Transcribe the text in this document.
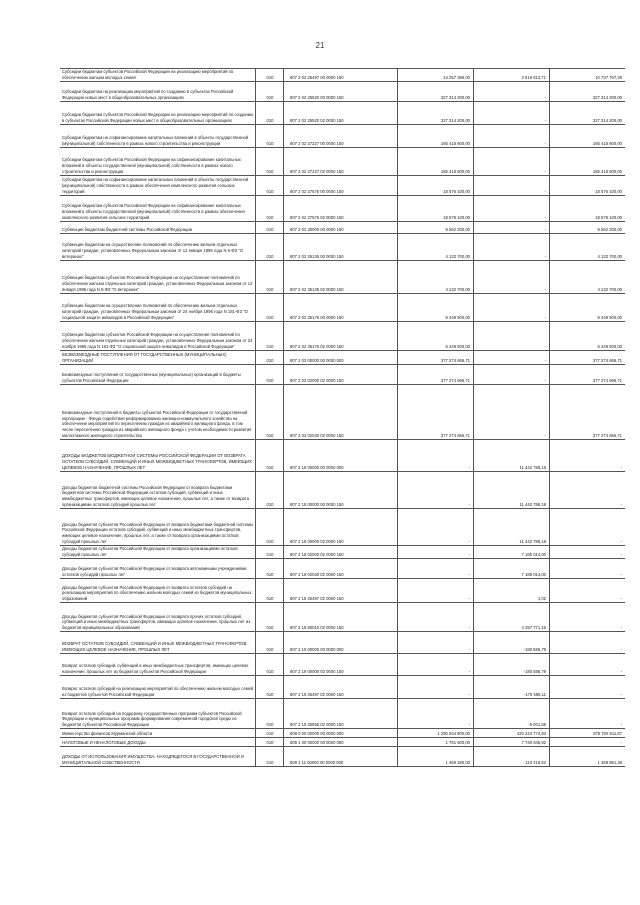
21
Субсидии бюджетам субъектов Российской Федерации на реализацию мероприятий по обеспечению жильем молодых семей	010	807 2 02 25497 00 0000 150	14 257 366,00	3 519 813,71	10 737 767,29
Субсидии бюджетам на реализацию мероприятий по созданию в субъектах Российской Федерации новых мест в общеобразовательных организациях	010	807 2 02 25520 00 0000 150	327 314 200,00	-	327 314 200,00
Субсидии бюджетам субъектов Российской Федерации на реализацию мероприятий по созданию в субъектах Российской Федерации новых мест в общеобразовательных организациях	010	807 2 02 25520 02 0000 150	327 314 200,00	-	327 314 200,00
Субсидии бюджетам на софинансирование капитальных вложений в объекты государственной (муниципальной) собственности в рамках нового строительства и реконструкции	010	807 2 02 27227 00 0000 150	165 415 600,00	-	165 415 600,00
Субсидии бюджетам субъектов Российской Федерации на софинансирование капитальных вложений в объекты государственной (муниципальной) собственности в рамках нового строительства и реконструкции	010	807 2 02 27227 02 0000 150	165 415 600,00	-	165 415 600,00
Субсидии бюджетам на софинансирование капитальных вложений в объекты государственной (муниципальной) собственности в рамках обеспечения комплексного развития сельских территорий	010	807 2 02 27576 00 0000 150	18 576 100,00	-	18 576 100,00
Субсидии бюджетам субъектов Российской Федерации на софинансирование капитальных вложений в объекты государственной (муниципальной) собственности в рамках обеспечения комплексного развития сельских территорий	010	807 2 02 27576 02 0000 150	18 576 100,00	-	18 576 100,00
Субвенции бюджетам бюджетной системы Российской Федерации	010	807 2 02 30000 00 0000 150	9 562 200,00	-	9 562 200,00
Субвенции бюджетам на осуществление полномочий по обеспечению жильем отдельных категорий граждан, установленных Федеральным законом от 12 января 1995 года N 5-ФЗ "О ветеранах"	010	807 2 02 35135 00 0000 150	4 132 700,00	-	4 132 700,00
Субвенции бюджетам субъектов Российской Федерации на осуществление полномочий по обеспечению жильем отдельных категорий граждан, установленных Федеральным законом от 12 января 1995 года N 5-ФЗ "О ветеранах"	010	807 2 02 35135 02 0000 150	4 132 700,00	-	4 132 700,00
Субвенции бюджетам на осуществление полномочий по обеспечению жильем отдельных категорий граждан, установленных Федеральным законом от 24 ноября 1995 года N 181-ФЗ "О социальной защите инвалидов в Российской Федерации"	010	807 2 02 35176 00 0000 150	5 449 500,00	-	5 449 500,00
Субвенции бюджетам субъектов Российской Федерации на осуществление полномочий по обеспечению жильем отдельных категорий граждан, установленных Федеральным законом от 24 ноября 1995 года N 181-ФЗ "О социальной защите инвалидов в Российской Федерации"	010	807 2 02 35176 02 0000 150	5 449 500,00	-	5 449 500,00
БЕЗВОЗМЕЗДНЫЕ ПОСТУПЛЕНИЯ ОТ ГОСУДАРСТВЕННЫХ (МУНИЦИПАЛЬНЫХ) ОРГАНИЗАЦИЙ	010	807 2 03 00000 00 0000 000	377 274 666,71	-	377 274 666,71
Безвозмездные поступления от государственных (муниципальных) организаций в бюджеты субъектов Российской Федерации	010	807 2 03 02000 02 0000 150	377 274 666,71	-	377 274 666,71
Безвозмездные поступления в бюджеты субъектов Российской Федерации от государственной корпорации - Фонда содействия реформированию жилищно-коммунального хозяйства на обеспечение мероприятий по переселению граждан из аварийного жилищного фонда, в том числе переселению граждан из аварийного жилищного фонда с учетом необходимости развития малоэтажного жилищного строительства	010	807 2 03 02040 02 0000 150	377 274 666,71	-	377 274 666,71
ДОХОДЫ БЮДЖЕТОВ БЮДЖЕТНОЙ СИСТЕМЫ РОССИЙСКОЙ ФЕДЕРАЦИИ ОТ ВОЗВРАТА ОСТАТКОВ СУБСИДИЙ, СУБВЕНЦИЙ И ИНЫХ МЕЖБЮДЖЕТНЫХ ТРАНСФЕРТОВ, ИМЕЮЩИХ ЦЕЛЕВОЕ НАЗНАЧЕНИЕ, ПРОШЛЫХ ЛЕТ	010	807 2 18 00000 00 0000 000	-	11 442 786,18	-
Доходы бюджетов бюджетной системы Российской Федерации от возврата бюджетами бюджетной системы Российской Федерации остатков субсидий, субвенций и иных межбюджетных трансфертов, имеющих целевое назначение, прошлых лет, а также от возврата организациями остатков субсидий прошлых лет	010	807 2 18 00000 00 0000 150	-	11 442 786,18	-
Доходы бюджетов субъектов Российской Федерации от возврата бюджетами бюджетной системы Российской Федерации остатков субсидий, субвенций и иных межбюджетных трансфертов, имеющих целевое назначение, прошлых лет, а также от возврата организациями остатков субсидий прошлых лет	010	807 2 18 00000 02 0000 150	-	11 442 786,18	-
Доходы бюджетов субъектов Российской Федерации от возврата организациями остатков субсидий прошлых лет	010	807 2 18 02000 02 0000 150	-	7 185 014,00	-
Доходы бюджетов субъектов Российской Федерации от возврата автономными учреждениями остатков субсидий прошлых лет	010	807 2 18 02030 02 0000 150	-	7 185 014,00	-
Доходы бюджетов субъектов Российской Федерации от возврата остатков субсидий на реализацию мероприятий по обеспечению жильем молодых семей из бюджетов муниципальных образований	010	807 2 18 25497 02 0000 150	-	1,02	-
Доходы бюджетов субъектов Российской Федерации от возврата прочих остатков субсидий, субвенций и иных межбюджетных трансфертов, имеющих целевое назначение, прошлых лет из бюджетов муниципальных образований	010	807 2 18 60010 02 0000 150	-	4 257 771,16	-
ВОЗВРАТ ОСТАТКОВ СУБСИДИЙ, СУБВЕНЦИЙ И ИНЫХ МЕЖБЮДЖЕТНЫХ ТРАНСФЕРТОВ, ИМЕЮЩИХ ЦЕЛЕВОЕ НАЗНАЧЕНИЕ, ПРОШЛЫХ ЛЕТ	010	807 2 19 00000 00 0000 000	-	-180 586,79	-
Возврат остатков субсидий, субвенций и иных межбюджетных трансфертов, имеющих целевое назначение, прошлых лет из бюджетов субъектов Российской Федерации	010	807 2 19 00000 02 0000 150	-	-180 586,79	-
Возврат остатков субсидий на реализацию мероприятий по обеспечению жильем молодых семей из бюджетов субъектов Российской Федерации	010	807 2 19 25497 02 0000 150	-	-175 585,11	-
Возврат остатков субсидий на поддержку государственных программ субъектов Российской Федерации и муниципальных программ формирования современной городской среды из бюджетов субъектов Российской Федерации	010	807 2 19 25555 02 0000 150	-	-5 001,68	-
Министерство финансов Мурманской области	010	809 0 00 00000 00 0000 000	1 290 944 900,00	420 224 772,93	876 700 611,67
НАЛОГОВЫЕ И НЕНАЛОГОВЫЕ ДОХОДЫ	010	809 1 00 00000 00 0000 000	1 761 600,00	7 740 645,92	-
ДОХОДЫ ОТ ИСПОЛЬЗОВАНИЯ ИМУЩЕСТВА, НАХОДЯЩЕГОСЯ В ГОСУДАРСТВЕННОЙ И МУНИЦИПАЛЬНОЙ СОБСТВЕННОСТИ	010	809 1 11 00000 00 0000 000	1 469 280,00	110 318,62	1 358 961,38
